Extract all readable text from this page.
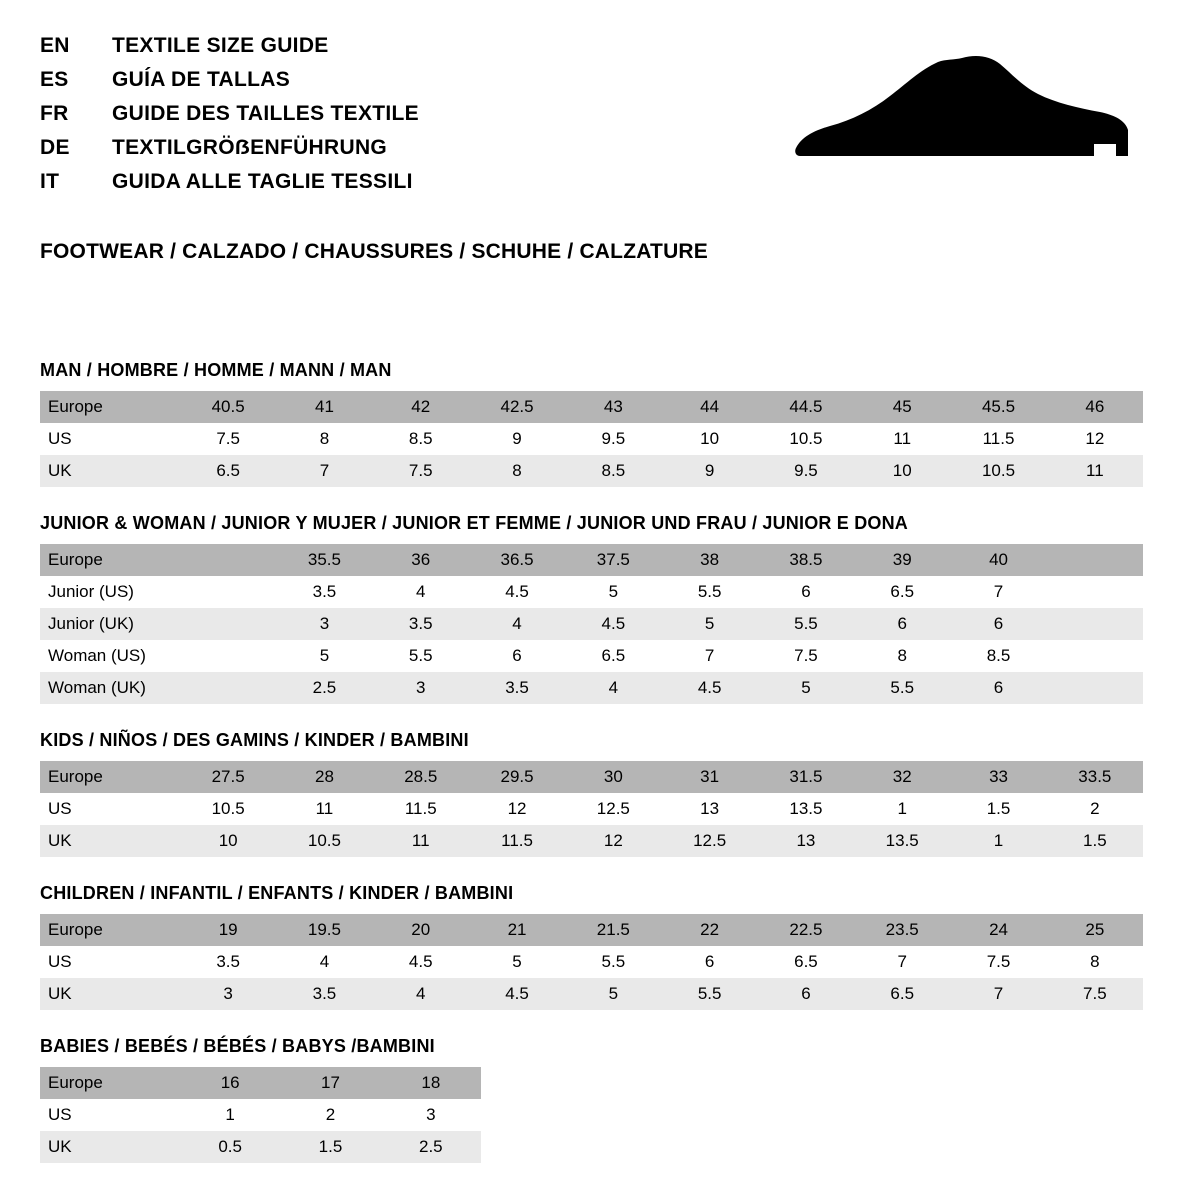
EN	TEXTILE SIZE GUIDE
ES	GUÍA DE TALLAS
FR	GUIDE DES TAILLES TEXTILE
DE	TEXTILGRÖẞENFÜHRUNG
IT	GUIDA ALLE TAGLIE TESSILI
FOOTWEAR / CALZADO / CHAUSSURES / SCHUHE / CALZATURE
MAN / HOMBRE / HOMME / MANN / MAN
Europe	40.5	41	42	42.5	43	44	44.5	45	45.5	46
US	7.5	8	8.5	9	9.5	10	10.5	11	11.5	12
UK	6.5	7	7.5	8	8.5	9	9.5	10	10.5	11
JUNIOR & WOMAN / JUNIOR Y MUJER / JUNIOR ET FEMME / JUNIOR UND FRAU / JUNIOR E DONA
Europe		35.5	36	36.5	37.5	38	38.5	39	40	
Junior (US)		3.5	4	4.5	5	5.5	6	6.5	7	
Junior (UK)		3	3.5	4	4.5	5	5.5	6	6	
Woman (US)		5	5.5	6	6.5	7	7.5	8	8.5	
Woman (UK)		2.5	3	3.5	4	4.5	5	5.5	6	
KIDS / NIÑOS / DES GAMINS / KINDER / BAMBINI
Europe	27.5	28	28.5	29.5	30	31	31.5	32	33	33.5
US	10.5	11	11.5	12	12.5	13	13.5	1	1.5	2
UK	10	10.5	11	11.5	12	12.5	13	13.5	1	1.5
CHILDREN / INFANTIL / ENFANTS / KINDER / BAMBINI
Europe	19	19.5	20	21	21.5	22	22.5	23.5	24	25
US	3.5	4	4.5	5	5.5	6	6.5	7	7.5	8
UK	3	3.5	4	4.5	5	5.5	6	6.5	7	7.5
BABIES / BEBÉS / BÉBÉS / BABYS /BAMBINI
Europe	16	17	18
US	1	2	3
UK	0.5	1.5	2.5
